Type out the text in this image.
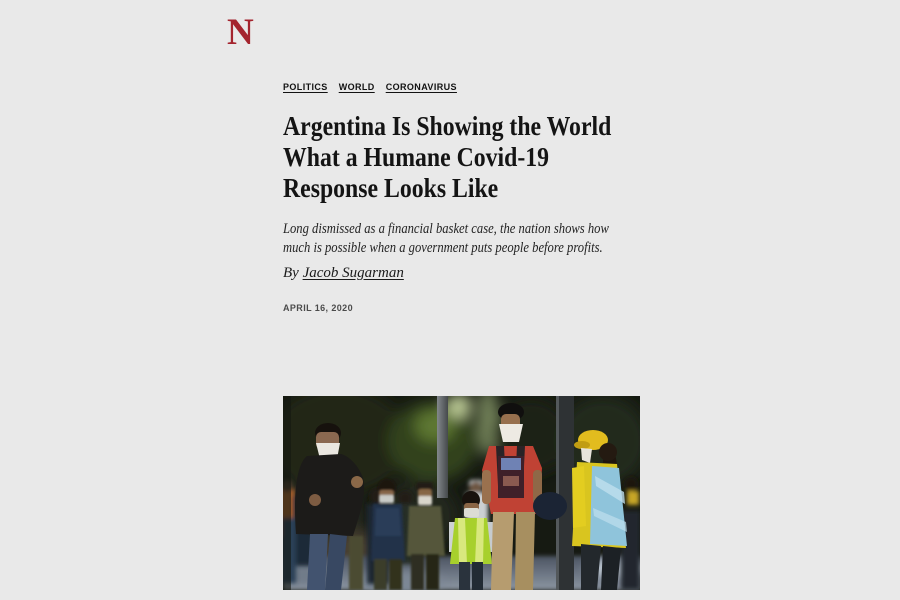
N
POLITICS WORLD CORONAVIRUS
Argentina Is Showing the World
What a Humane Covid-19
Response Looks Like
Long dismissed as a financial basket case, the nation shows how
much is possible when a government puts people before profits.
By Jacob Sugarman
APRIL 16, 2020
